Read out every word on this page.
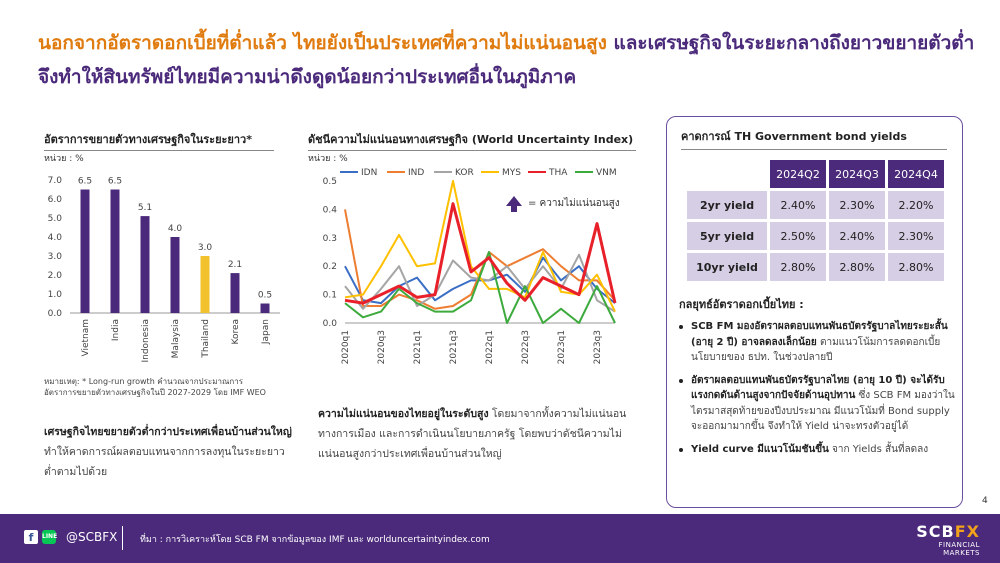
นอกจากอัตราดอกเบี้ยที่ต่ำแล้ว ไทยยังเป็นประเทศที่ความไม่แน่นอนสูง และเศรษฐกิจในระยะกลางถึงยาวขยายตัวต่ำ
จึงทำให้สินทรัพย์ไทยมีความน่าดึงดูดน้อยกว่าประเทศอื่นในภูมิภาค
อัตราการขยายตัวทางเศรษฐกิจในระยะยาว*
หน่วย : %
0.0
1.0
2.0
3.0
4.0
5.0
6.0
7.0 6.5
Vietnam
6.5
India
5.1
Indonesia
4.0
Malaysia
3.0
Thailand
2.1
Korea
0.5
Japan
หมายเหตุ: * Long-run growth คำนวณจากประมาณการ
อัตราการขยายตัวทางเศรษฐกิจในปี 2027-2029 โดย IMF WEO
ดัชนีความไม่แน่นอนทางเศรษฐกิจ (World Uncertainty Index)
หน่วย : %
0.0
0.1
0.2
0.3
0.4
0.5
2020q1	2020q3	2021q1	2021q3	2022q1	2022q3	2023q1	2023q3
IDN	IND	KOR	MYS	THA	VNM
= ความไม่แน่นอนสูง
เศรษฐกิจไทยขยายตัวต่ำกว่าประเทศเพื่อนบ้านส่วนใหญ่ ทำให้คาดการณ์ผลตอบแทนจากการลงทุนในระยะยาว ต่ำตามไปด้วย
ความไม่แน่นอนของไทยอยู่ในระดับสูง โดยมาจากทั้งความไม่แน่นอนทางการเมือง และการดำเนินนโยบายภาครัฐ โดยพบว่าดัชนีความไม่แน่นอนสูงกว่าประเทศเพื่อนบ้านส่วนใหญ่
คาดการณ์ TH Government bond yields
	2024Q2	2024Q3	2024Q4
2yr yield	2.40%	2.30%	2.20%
5yr yield	2.50%	2.40%	2.30%
10yr yield	2.80%	2.80%	2.80%
กลยุทธ์อัตราดอกเบี้ยไทย :
SCB FM มองอัตราผลตอบแทนพันธบัตรรัฐบาลไทยระยะสั้น (อายุ 2 ปี) อาจลดลงเล็กน้อย ตามแนวโน้มการลดดอกเบี้ยนโยบายของ ธปท. ในช่วงปลายปี
อัตราผลตอบแทนพันธบัตรรัฐบาลไทย (อายุ 10 ปี) จะได้รับแรงกดดันด้านสูงจากปัจจัยด้านอุปทาน ซึ่ง SCB FM มองว่าในไตรมาสสุดท้ายของปีงบประมาณ มีแนวโน้มที่ Bond supply จะออกมามากขึ้น จึงทำให้ Yield น่าจะทรงตัวอยู่ได้
Yield curve มีแนวโน้มชันขึ้น จาก Yields สั้นที่ลดลง
4
f	LINE @SCBFX	ที่มา : การวิเคราะห์โดย SCB FM จากข้อมูลของ IMF และ worlduncertaintyindex.com	SCBFX
FINANCIAL
MARKETS
